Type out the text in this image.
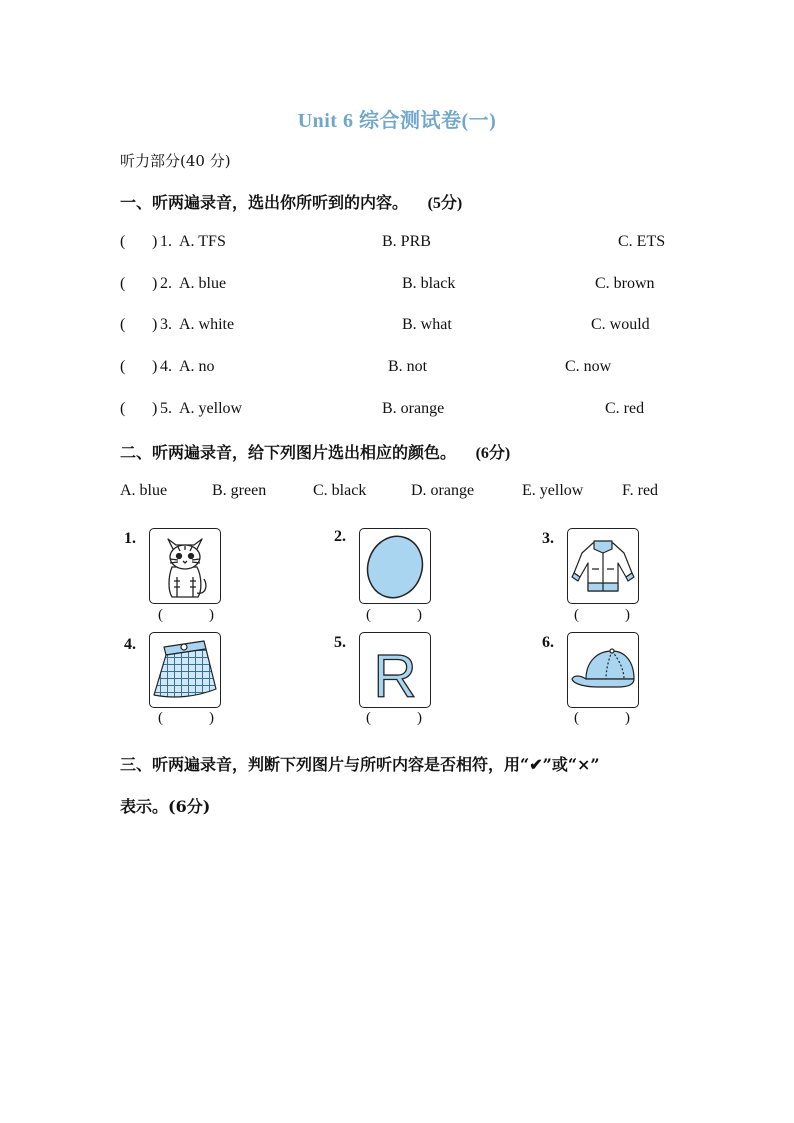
Unit 6 综合测试卷(一)
听力部分(40 分)
一、听两遍录音，选出你所听到的内容。 (5分)
( ) 1. A. TFS	B. PRB	C. ETS
( ) 2. A. blue	B. black	C. brown
( ) 3. A. white	B. what	C. would
( ) 4. A. no	B. not	C. now
( ) 5. A. yellow	B. orange	C. red
二、听两遍录音，给下列图片选出相应的颜色。 (6分)
A. blue	B. green	C. black	D. orange	E. yellow F. red
1.
(	)
2.
(	)
3.
(	)
4.
(	)
5.
R
(	)
6.
(	)
三、听两遍录音，判断下列图片与所听内容是否相符，用“✔”或“×”
表示。(6分)
